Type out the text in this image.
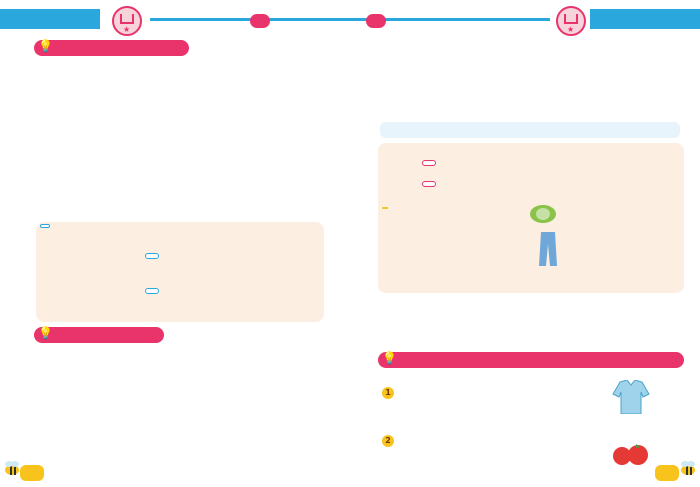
★
💡
💡
★

💡
1
2
